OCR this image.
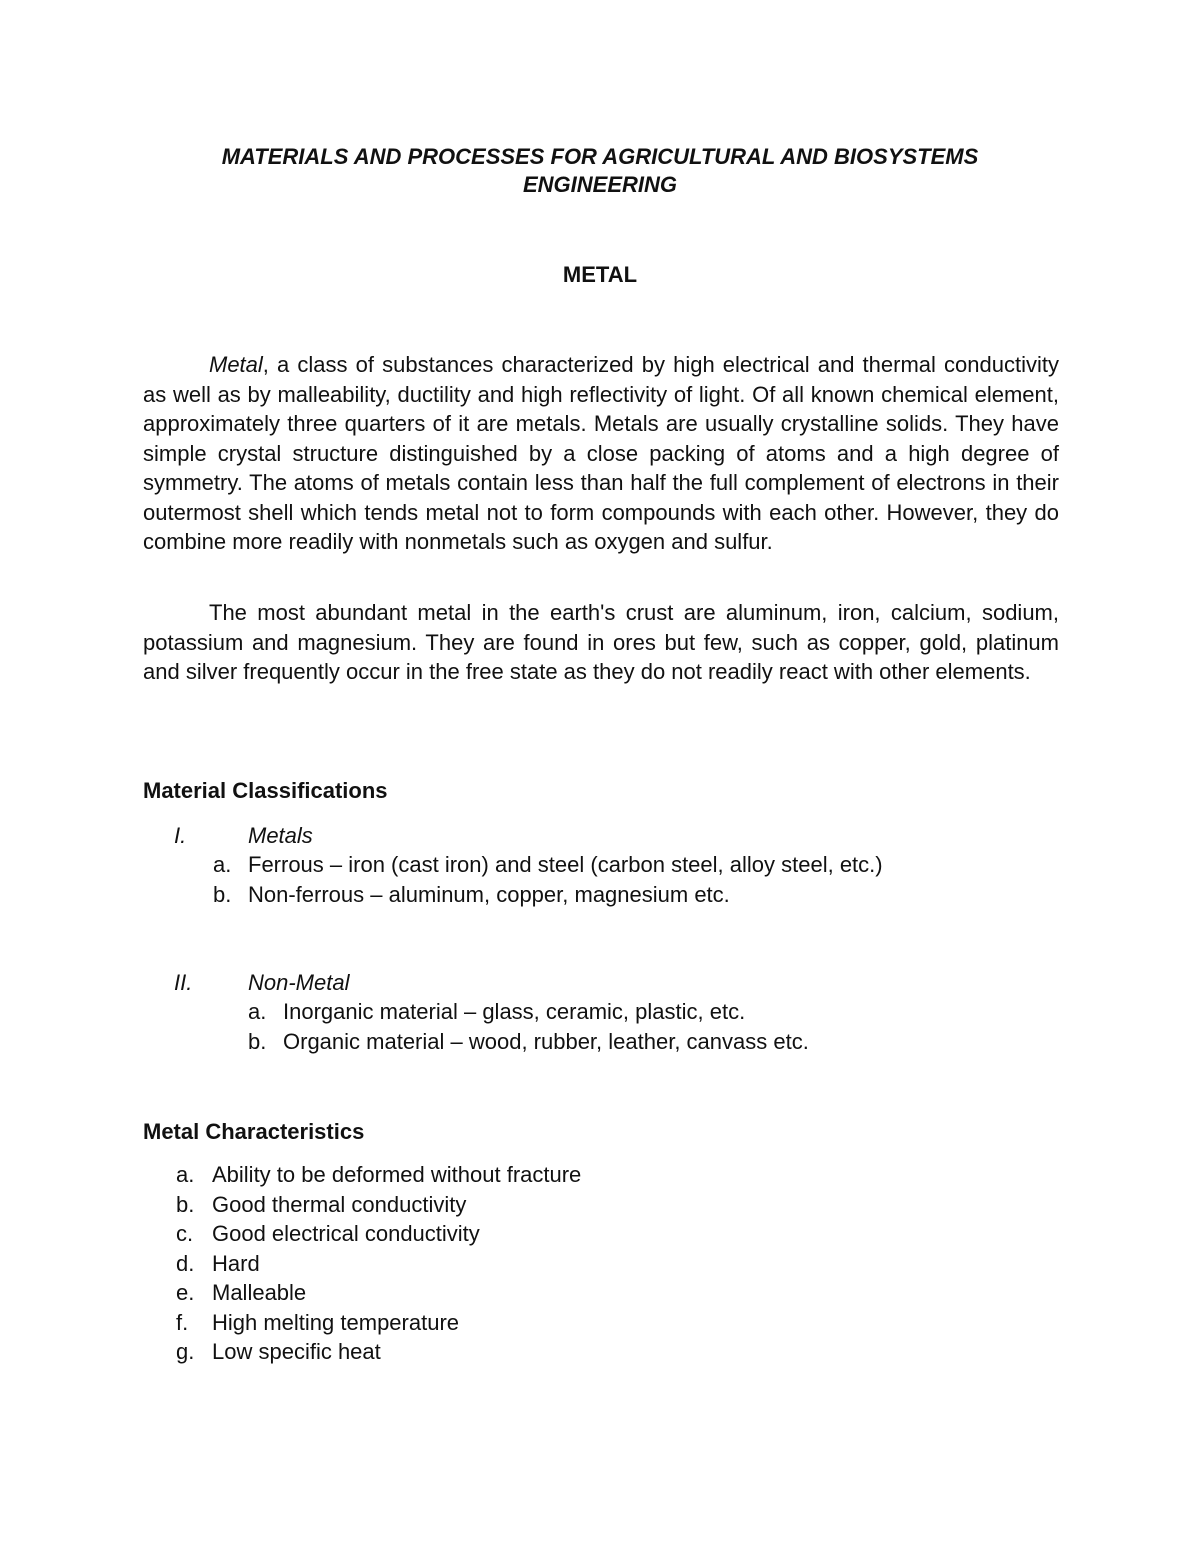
MATERIALS AND PROCESSES FOR AGRICULTURAL AND BIOSYSTEMS
ENGINEERING
METAL

Metal, a class of substances characterized by high electrical and thermal conductivity as well as by malleability, ductility and high reflectivity of light. Of all known chemical element, approximately three quarters of it are metals. Metals are usually crystalline solids. They have simple crystal structure distinguished by a close packing of atoms and a high degree of symmetry. The atoms of metals contain less than half the full complement of electrons in their outermost shell which tends metal not to form compounds with each other. However, they do combine more readily with nonmetals such as oxygen and sulfur.

The most abundant metal in the earth's crust are aluminum, iron, calcium, sodium, potassium and magnesium. They are found in ores but few, such as copper, gold, platinum and silver frequently occur in the free state as they do not readily react with other elements.

Material Classifications
I.	Metals
a. Ferrous – iron (cast iron) and steel (carbon steel, alloy steel, etc.)
b. Non-ferrous – aluminum, copper, magnesium etc.
II.	Non-Metal
a. Inorganic material – glass, ceramic, plastic, etc.
b. Organic material – wood, rubber, leather, canvass etc.
Metal Characteristics
a. Ability to be deformed without fracture
b. Good thermal conductivity
c. Good electrical conductivity
d. Hard
e. Malleable
f. High melting temperature
g. Low specific heat
